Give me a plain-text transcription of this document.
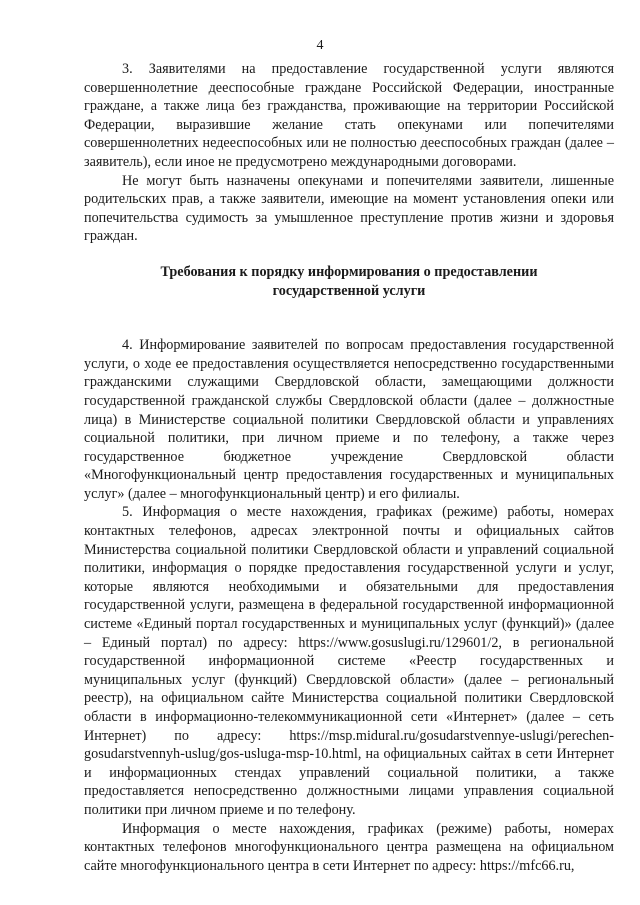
4

3. Заявителями на предоставление государственной услуги являются совершеннолетние дееспособные граждане Российской Федерации, иностранные граждане, а также лица без гражданства, проживающие на территории Российской Федерации, выразившие желание стать опекунами или попечителями совершеннолетних недееспособных или не полностью дееспособных граждан (далее – заявитель), если иное не предусмотрено международными договорами.

Не могут быть назначены опекунами и попечителями заявители, лишенные родительских прав, а также заявители, имеющие на момент установления опеки или попечительства судимость за умышленное преступление против жизни и здоровья граждан.

Требования к порядку информирования о предоставлении государственной услуги

4. Информирование заявителей по вопросам предоставления государственной услуги, о ходе ее предоставления осуществляется непосредственно государственными гражданскими служащими Свердловской области, замещающими должности государственной гражданской службы Свердловской области (далее – должностные лица) в Министерстве социальной политики Свердловской области и управлениях социальной политики, при личном приеме и по телефону, а также через государственное бюджетное учреждение Свердловской области «Многофункциональный центр предоставления государственных и муниципальных услуг» (далее – многофункциональный центр) и его филиалы.

5. Информация о месте нахождения, графиках (режиме) работы, номерах контактных телефонов, адресах электронной почты и официальных сайтов Министерства социальной политики Свердловской области и управлений социальной политики, информация о порядке предоставления государственной услуги и услуг, которые являются необходимыми и обязательными для предоставления государственной услуги, размещена в федеральной государственной информационной системе «Единый портал государственных и муниципальных услуг (функций)» (далее – Единый портал) по адресу: https://www.gosuslugi.ru/129601/2, в региональной государственной информационной системе «Реестр государственных и муниципальных услуг (функций) Свердловской области» (далее – региональный реестр), на официальном сайте Министерства социальной политики Свердловской области в информационно-телекоммуникационной сети «Интернет» (далее – сеть Интернет) по адресу: https://msp.midural.ru/gosudarstvennye-uslugi/perechen-gosudarstvennyh-uslug/gos-usluga-msp-10.html, на официальных сайтах в сети Интернет и информационных стендах управлений социальной политики, а также предоставляется непосредственно должностными лицами управления социальной политики при личном приеме и по телефону.

Информация о месте нахождения, графиках (режиме) работы, номерах контактных телефонов многофункционального центра размещена на официальном сайте многофункционального центра в сети Интернет по адресу: https://mfc66.ru,
